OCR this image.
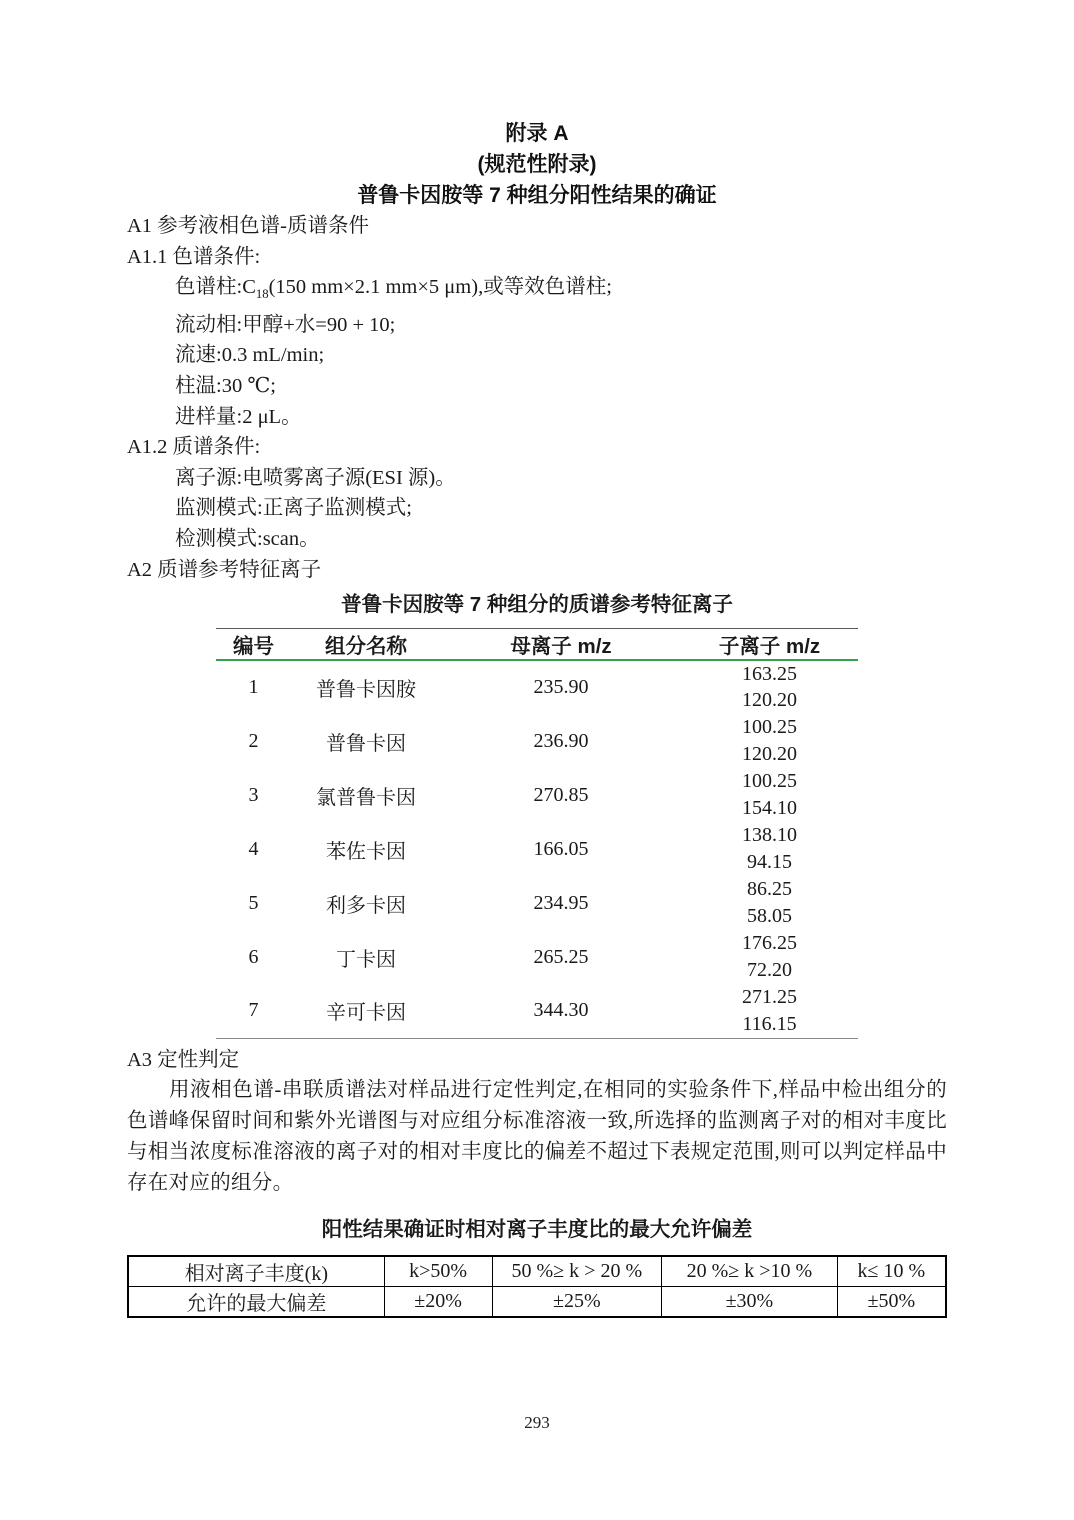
附录 A
(规范性附录)
普鲁卡因胺等 7 种组分阳性结果的确证
A1 参考液相色谱-质谱条件
A1.1 色谱条件:
色谱柱$:C_{18}(150$ mm×2.1 mm×5 μm),或等效色谱柱;
流动相:甲醇+水=90 + 10;
流速:0.3 mL/min;
柱温:30 ℃;
进样量:2 μL。
A1.2 质谱条件:
离子源:电喷雾离子源(ESI 源)。
监测模式:正离子监测模式;
检测模式:scan。
A2 质谱参考特征离子
普鲁卡因胺等 7 种组分的质谱参考特征离子
编号	组分名称	母离子 m/z	子离子 m/z
1	普鲁卡因胺	235.90	163.25
			120.20
2	普鲁卡因	236.90	100.25
			120.20
3	氯普鲁卡因	270.85	100.25
			154.10
4	苯佐卡因	166.05	138.10
			94.15
5	利多卡因	234.95	86.25
			58.05
6	丁卡因	265.25	176.25
			72.20
7	辛可卡因	344.30	271.25
			116.15
A3 定性判定
用液相色谱-串联质谱法对样品进行定性判定,在相同的实验条件下,样品中检出组分的色谱峰保留时间和紫外光谱图与对应组分标准溶液一致,所选择的监测离子对的相对丰度比与相当浓度标准溶液的离子对的相对丰度比的偏差不超过下表规定范围,则可以判定样品中存在对应的组分。
阳性结果确证时相对离子丰度比的最大允许偏差
相对离子丰度(k)	k>50%	50 %≥ k > 20 %	20 %≥ k >10 %	k≤ 10 %
允许的最大偏差	±20%	±25%	±30%	±50%
293
